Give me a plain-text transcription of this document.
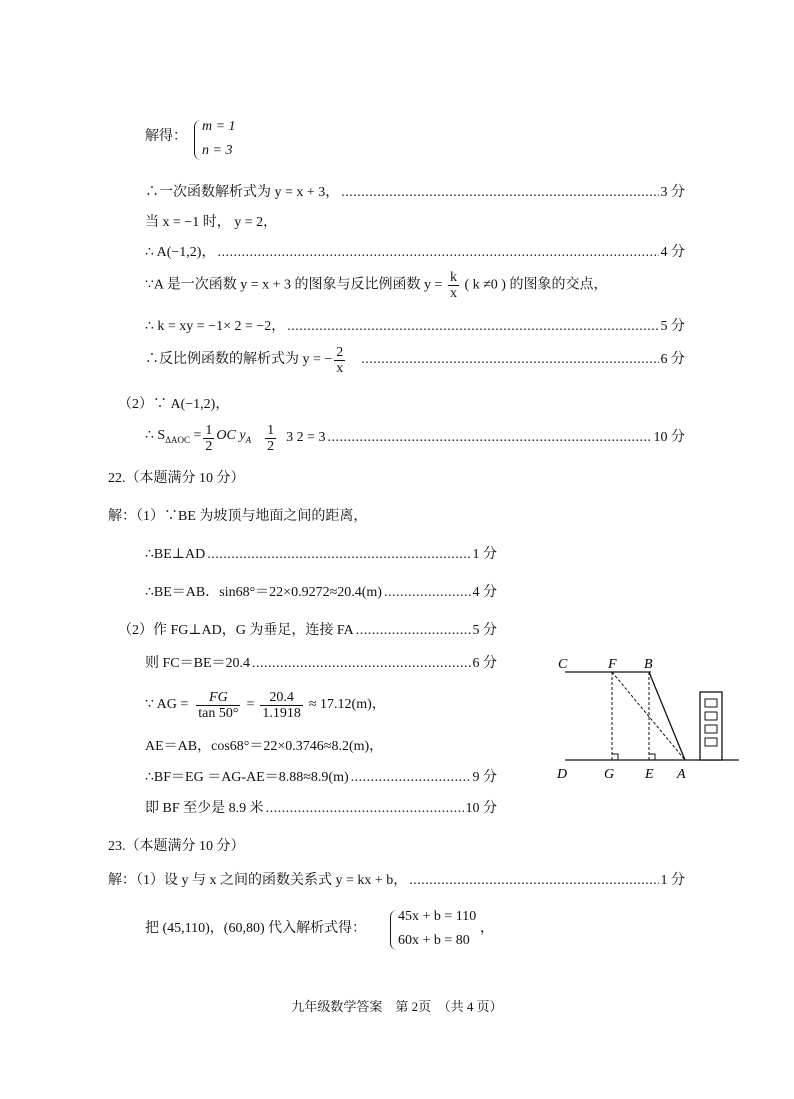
解得：
m = 1
n = 3
∴一次函数解析式为 y = x + 3， .....	3 分
当 x = −1 时， y = 2，
∴ A(−1,2)， .....	4 分
∵A 是一次函数 y = x + 3 的图象与反比例函数 $y = \frac{k}{x}$ ( k ≠0 ) 的图象的交点，
∴ k = xy = −1× 2 = −2， .....	5 分
∴反比例函数的解析式为 y = − $\frac{2}{x}$ .....	6 分
（2）∵ A(−1,2)，
∴ $S_{\Delta AOC} = \frac{1}{2}$ OC $y_A \frac{1}{2} 3$ 2 = 3 .....	10 分
22.（本题满分 10 分）
解：（1）∵BE 为坡顶与地面之间的距离，
∴BE⊥AD .....	1 分
∴BE＝AB．sin68°＝22×0.9272≈20.4(m) .....	4 分
（2）作 FG⊥AD，G 为垂足，连接 FA .....	5 分
则 FC＝BE＝20.4 .....	6 分
∵ AG = $\frac{FG}{\tan 50^\circ} = \frac{20.4}{1.1918} \approx 17.12(m)$，
AE＝AB，cos68°＝22×0.3746≈8.2(m)，
∴BF＝EG ＝AG-AE＝8.88≈8.9(m) .....	9 分
即 BF 至少是 8.9 米 .....	10 分
C	F B
D	G E A
23.（本题满分 10 分）
解：（1）设 y 与 x 之间的函数关系式 y = kx + b， .....	1 分
把 (45,110)，(60,80) 代入解析式得：
45x + b = 110
60x + b = 80
，
九年级数学答案　第 2页　（共 4 页）
